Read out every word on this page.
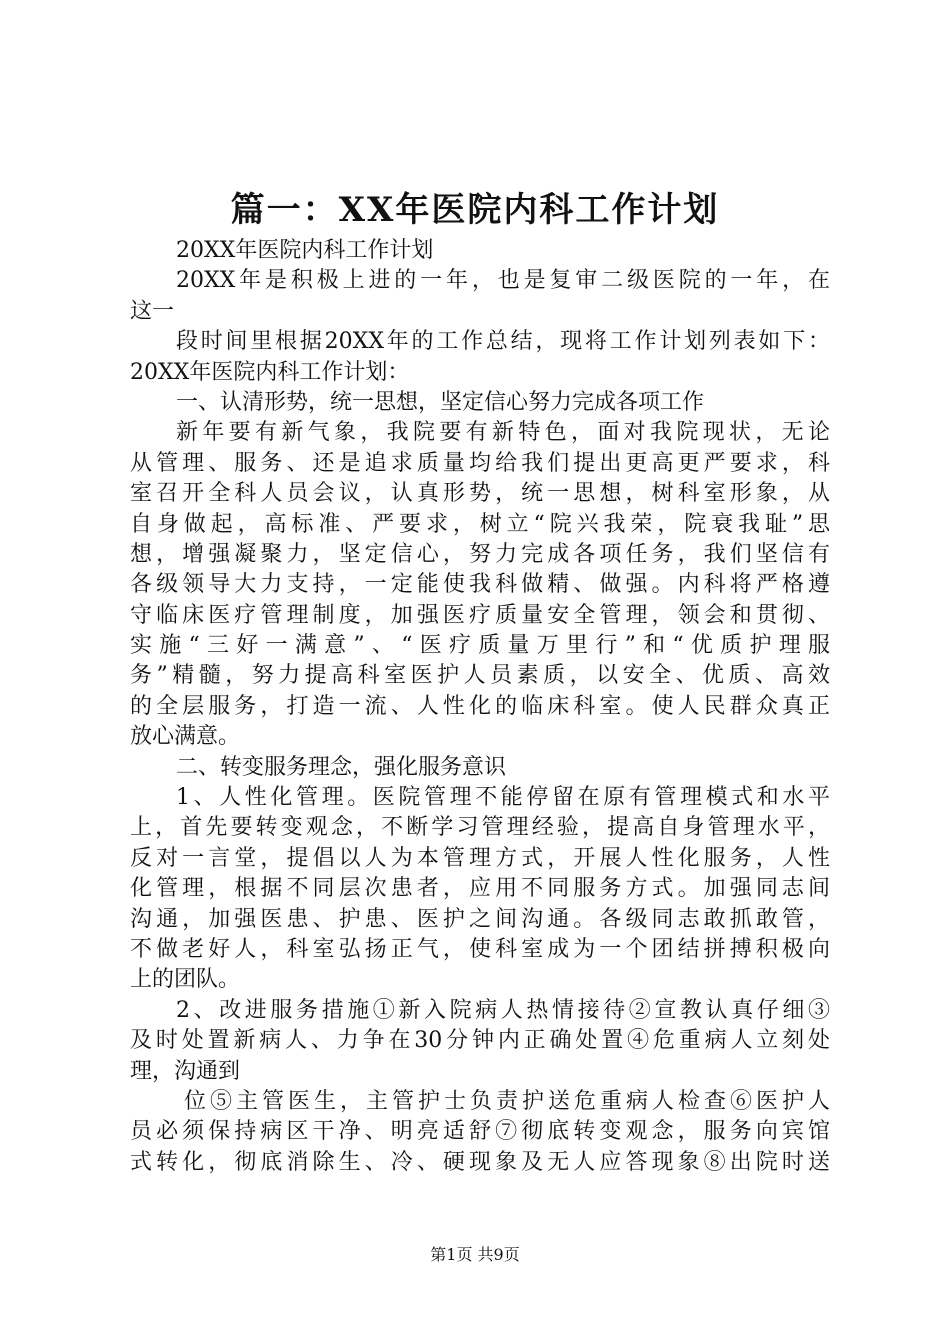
篇一：XX年医院内科工作计划
20XX年医院内科工作计划
20XX年是积极上进的一年，也是复审二级医院的一年，在
这一
段时间里根据20XX年的工作总结，现将工作计划列表如下：
20XX年医院内科工作计划：
一、认清形势，统一思想，坚定信心努力完成各项工作
新年要有新气象，我院要有新特色，面对我院现状，无论
从管理、服务、还是追求质量均给我们提出更高更严要求，科
室召开全科人员会议，认真形势，统一思想，树科室形象，从
自身做起，高标准、严要求，树立“院兴我荣，院衰我耻”思
想，增强凝聚力，坚定信心，努力完成各项任务，我们坚信有
各级领导大力支持，一定能使我科做精、做强。内科将严格遵
守临床医疗管理制度，加强医疗质量安全管理，领会和贯彻、
实施“三好一满意”、“医疗质量万里行”和“优质护理服
务”精髓，努力提高科室医护人员素质，以安全、优质、高效
的全层服务，打造一流、人性化的临床科室。使人民群众真正
放心满意。
二、转变服务理念，强化服务意识
1、人性化管理。医院管理不能停留在原有管理模式和水平
上，首先要转变观念，不断学习管理经验，提高自身管理水平，
反对一言堂，提倡以人为本管理方式，开展人性化服务，人性
化管理，根据不同层次患者，应用不同服务方式。加强同志间
沟通，加强医患、护患、医护之间沟通。各级同志敢抓敢管，
不做老好人，科室弘扬正气，使科室成为一个团结拼搏积极向
上的团队。
2、改进服务措施①新入院病人热情接待②宣教认真仔细③
及时处置新病人、力争在30分钟内正确处置④危重病人立刻处
理，沟通到
位⑤主管医生，主管护士负责护送危重病人检查⑥医护人
员必须保持病区干净、明亮适舒⑦彻底转变观念，服务向宾馆
式转化，彻底消除生、冷、硬现象及无人应答现象⑧出院时送
第1页 共9页
